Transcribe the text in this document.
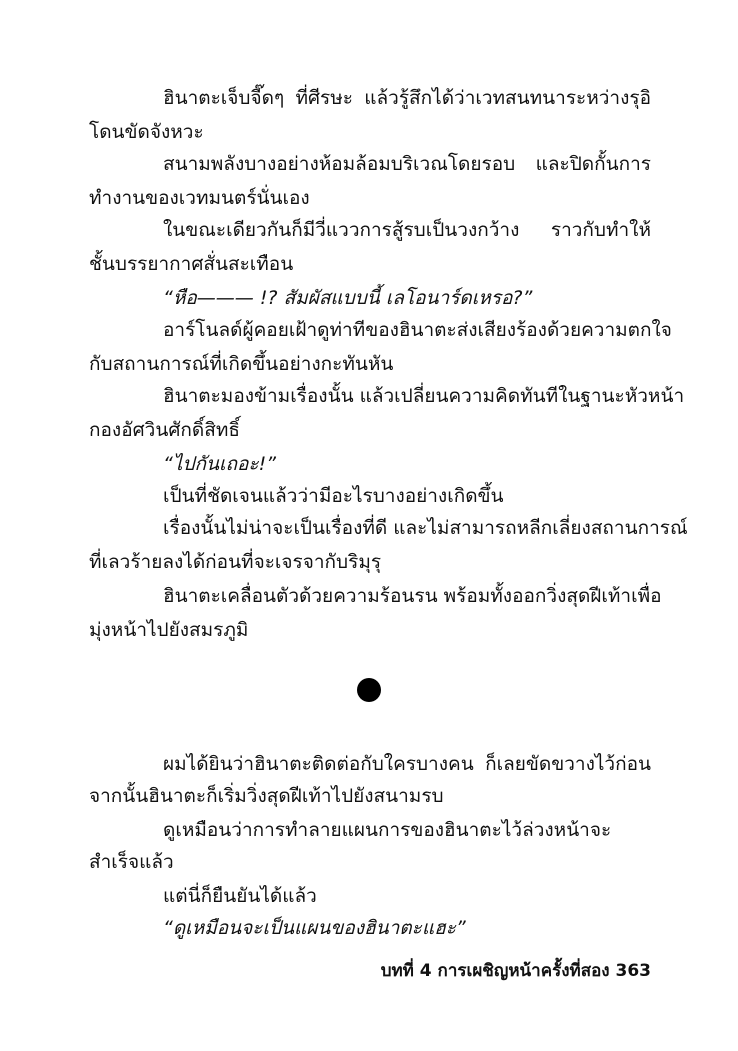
ฮินาตะเจ็บจี๊ดๆ ที่ศีรษะ แล้วรู้สึกได้ว่าเวทสนทนาระหว่างรุอิ
โดนขัดจังหวะ
สนามพลังบางอย่างห้อมล้อมบริเวณโดยรอบ และปิดกั้นการ
ทำงานของเวทมนตร์นั่นเอง
ในขณะเดียวกันก็มีวี่แววการสู้รบเป็นวงกว้าง ราวกับทำให้
ชั้นบรรยากาศสั่นสะเทือน
“หือ——— !? สัมผัสแบบนี้ เลโอนาร์ดเหรอ?”
อาร์โนลด์ผู้คอยเฝ้าดูท่าทีของฮินาตะส่งเสียงร้องด้วยความตกใจ
กับสถานการณ์ที่เกิดขึ้นอย่างกะทันหัน
ฮินาตะมองข้ามเรื่องนั้น แล้วเปลี่ยนความคิดทันทีในฐานะหัวหน้า
กองอัศวินศักดิ์สิทธิ์
“ไปกันเถอะ!”
เป็นที่ชัดเจนแล้วว่ามีอะไรบางอย่างเกิดขึ้น
เรื่องนั้นไม่น่าจะเป็นเรื่องที่ดี และไม่สามารถหลีกเลี่ยงสถานการณ์
ที่เลวร้ายลงได้ก่อนที่จะเจรจากับริมุรุ
ฮินาตะเคลื่อนตัวด้วยความร้อนรน พร้อมทั้งออกวิ่งสุดฝีเท้าเพื่อ
มุ่งหน้าไปยังสมรภูมิ
ผมได้ยินว่าฮินาตะติดต่อกับใครบางคน ก็เลยขัดขวางไว้ก่อน
จากนั้นฮินาตะก็เริ่มวิ่งสุดฝีเท้าไปยังสนามรบ
ดูเหมือนว่าการทำลายแผนการของฮินาตะไว้ล่วงหน้าจะ
สำเร็จแล้ว
แต่นี่ก็ยืนยันได้แล้ว
“ดูเหมือนจะเป็นแผนของฮินาตะแฮะ”
บทที่ 4 การเผชิญหน้าครั้งที่สอง 363
